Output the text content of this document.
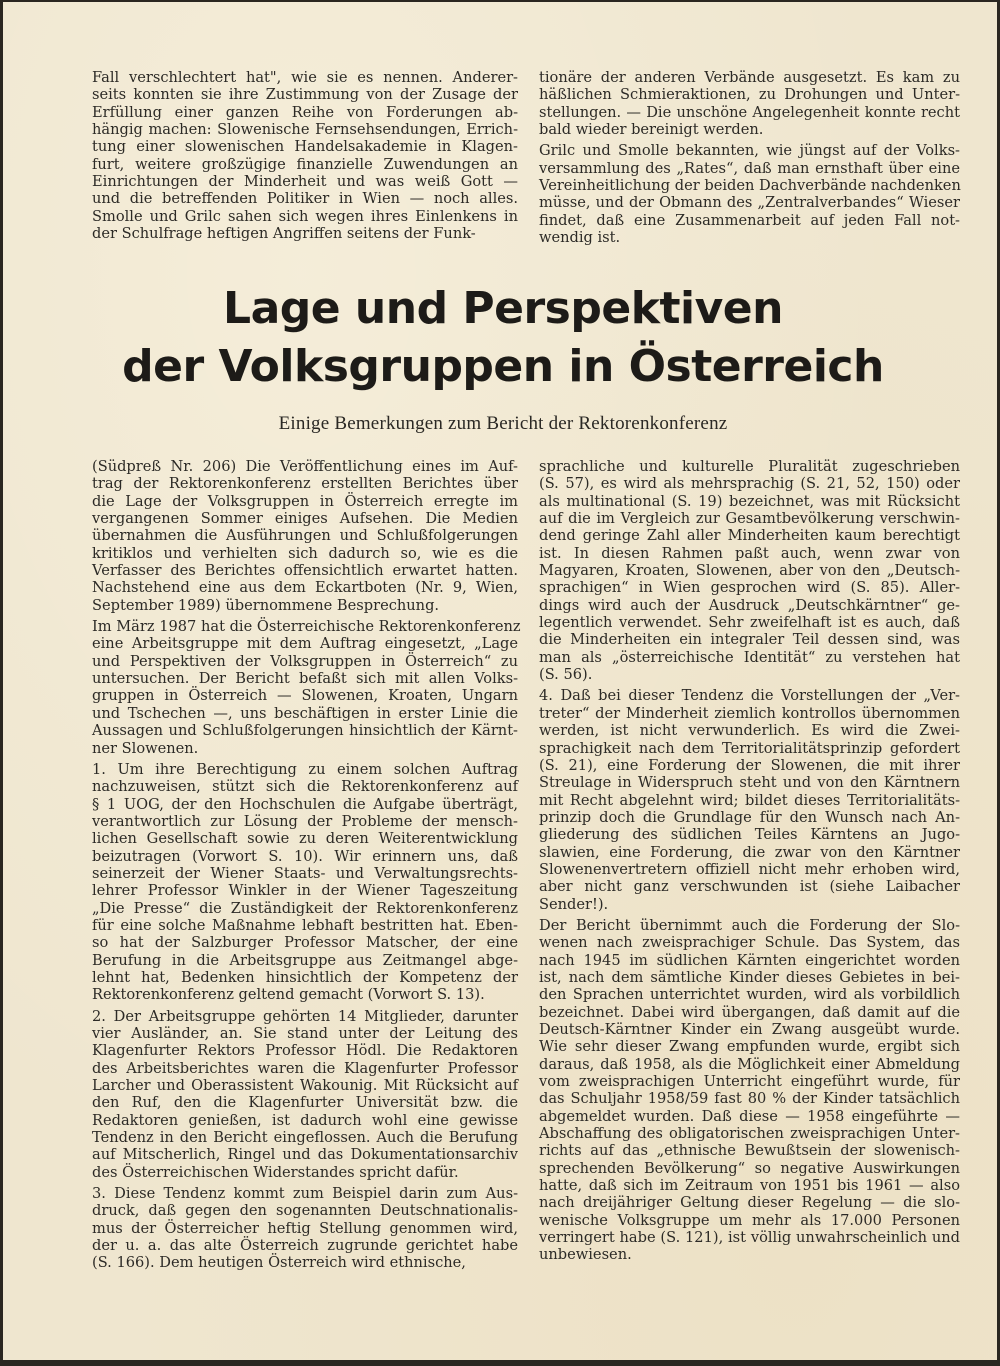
Fall verschlechtert hat", wie sie es nennen. Anderer-
seits konnten sie ihre Zustimmung von der Zusage der
Erfüllung einer ganzen Reihe von Forderungen ab-
hängig machen: Slowenische Fernsehsendungen, Errich-
tung einer slowenischen Handelsakademie in Klagen-
furt, weitere großzügige finanzielle Zuwendungen an
Einrichtungen der Minderheit und was weiß Gott —
und die betreffenden Politiker in Wien — noch alles.
Smolle und Grilc sahen sich wegen ihres Einlenkens in
der Schulfrage heftigen Angriffen seitens der Funk-
tionäre der anderen Verbände ausgesetzt. Es kam zu
häßlichen Schmieraktionen, zu Drohungen und Unter-
stellungen. — Die unschöne Angelegenheit konnte recht
bald wieder bereinigt werden.
Grilc und Smolle bekannten, wie jüngst auf der Volks-
versammlung des „Rates“, daß man ernsthaft über eine
Vereinheitlichung der beiden Dachverbände nachdenken
müsse, und der Obmann des „Zentralverbandes“ Wieser
findet, daß eine Zusammenarbeit auf jeden Fall not-
wendig ist.
Lage und Perspektiven
der Volksgruppen in Österreich
Einige Bemerkungen zum Bericht der Rektorenkonferenz
(Südpreß Nr. 206) Die Veröffentlichung eines im Auf-
trag der Rektorenkonferenz erstellten Berichtes über
die Lage der Volksgruppen in Österreich erregte im
vergangenen Sommer einiges Aufsehen. Die Medien
übernahmen die Ausführungen und Schlußfolgerungen
kritiklos und verhielten sich dadurch so, wie es die
Verfasser des Berichtes offensichtlich erwartet hatten.
Nachstehend eine aus dem Eckartboten (Nr. 9, Wien,
September 1989) übernommene Besprechung.
Im März 1987 hat die Österreichische Rektorenkonferenz
eine Arbeitsgruppe mit dem Auftrag eingesetzt, „Lage
und Perspektiven der Volksgruppen in Österreich“ zu
untersuchen. Der Bericht befaßt sich mit allen Volks-
gruppen in Österreich — Slowenen, Kroaten, Ungarn
und Tschechen —, uns beschäftigen in erster Linie die
Aussagen und Schlußfolgerungen hinsichtlich der Kärnt-
ner Slowenen.
1. Um ihre Berechtigung zu einem solchen Auftrag
nachzuweisen, stützt sich die Rektorenkonferenz auf
§ 1 UOG, der den Hochschulen die Aufgabe überträgt,
verantwortlich zur Lösung der Probleme der mensch-
lichen Gesellschaft sowie zu deren Weiterentwicklung
beizutragen (Vorwort S. 10). Wir erinnern uns, daß
seinerzeit der Wiener Staats- und Verwaltungsrechts-
lehrer Professor Winkler in der Wiener Tageszeitung
„Die Presse“ die Zuständigkeit der Rektorenkonferenz
für eine solche Maßnahme lebhaft bestritten hat. Eben-
so hat der Salzburger Professor Matscher, der eine
Berufung in die Arbeitsgruppe aus Zeitmangel abge-
lehnt hat, Bedenken hinsichtlich der Kompetenz der
Rektorenkonferenz geltend gemacht (Vorwort S. 13).
2. Der Arbeitsgruppe gehörten 14 Mitglieder, darunter
vier Ausländer, an. Sie stand unter der Leitung des
Klagenfurter Rektors Professor Hödl. Die Redaktoren
des Arbeitsberichtes waren die Klagenfurter Professor
Larcher und Oberassistent Wakounig. Mit Rücksicht auf
den Ruf, den die Klagenfurter Universität bzw. die
Redaktoren genießen, ist dadurch wohl eine gewisse
Tendenz in den Bericht eingeflossen. Auch die Berufung
auf Mitscherlich, Ringel und das Dokumentationsarchiv
des Österreichischen Widerstandes spricht dafür.
3. Diese Tendenz kommt zum Beispiel darin zum Aus-
druck, daß gegen den sogenannten Deutschnationalis-
mus der Österreicher heftig Stellung genommen wird,
der u. a. das alte Österreich zugrunde gerichtet habe
(S. 166). Dem heutigen Österreich wird ethnische,
sprachliche und kulturelle Pluralität zugeschrieben
(S. 57), es wird als mehrsprachig (S. 21, 52, 150) oder
als multinational (S. 19) bezeichnet, was mit Rücksicht
auf die im Vergleich zur Gesamtbevölkerung verschwin-
dend geringe Zahl aller Minderheiten kaum berechtigt
ist. In diesen Rahmen paßt auch, wenn zwar von
Magyaren, Kroaten, Slowenen, aber von den „Deutsch-
sprachigen“ in Wien gesprochen wird (S. 85). Aller-
dings wird auch der Ausdruck „Deutschkärntner“ ge-
legentlich verwendet. Sehr zweifelhaft ist es auch, daß
die Minderheiten ein integraler Teil dessen sind, was
man als „österreichische Identität“ zu verstehen hat
(S. 56).
4. Daß bei dieser Tendenz die Vorstellungen der „Ver-
treter“ der Minderheit ziemlich kontrollos übernommen
werden, ist nicht verwunderlich. Es wird die Zwei-
sprachigkeit nach dem Territorialitätsprinzip gefordert
(S. 21), eine Forderung der Slowenen, die mit ihrer
Streulage in Widerspruch steht und von den Kärntnern
mit Recht abgelehnt wird; bildet dieses Territorialitäts-
prinzip doch die Grundlage für den Wunsch nach An-
gliederung des südlichen Teiles Kärntens an Jugo-
slawien, eine Forderung, die zwar von den Kärntner
Slowenenvertretern offiziell nicht mehr erhoben wird,
aber nicht ganz verschwunden ist (siehe Laibacher
Sender!).
Der Bericht übernimmt auch die Forderung der Slo-
wenen nach zweisprachiger Schule. Das System, das
nach 1945 im südlichen Kärnten eingerichtet worden
ist, nach dem sämtliche Kinder dieses Gebietes in bei-
den Sprachen unterrichtet wurden, wird als vorbildlich
bezeichnet. Dabei wird übergangen, daß damit auf die
Deutsch-Kärntner Kinder ein Zwang ausgeübt wurde.
Wie sehr dieser Zwang empfunden wurde, ergibt sich
daraus, daß 1958, als die Möglichkeit einer Abmeldung
vom zweisprachigen Unterricht eingeführt wurde, für
das Schuljahr 1958/59 fast 80 % der Kinder tatsächlich
abgemeldet wurden. Daß diese — 1958 eingeführte —
Abschaffung des obligatorischen zweisprachigen Unter-
richts auf das „ethnische Bewußtsein der slowenisch-
sprechenden Bevölkerung“ so negative Auswirkungen
hatte, daß sich im Zeitraum von 1951 bis 1961 — also
nach dreijähriger Geltung dieser Regelung — die slo-
wenische Volksgruppe um mehr als 17.000 Personen
verringert habe (S. 121), ist völlig unwahrscheinlich und
unbewiesen.
